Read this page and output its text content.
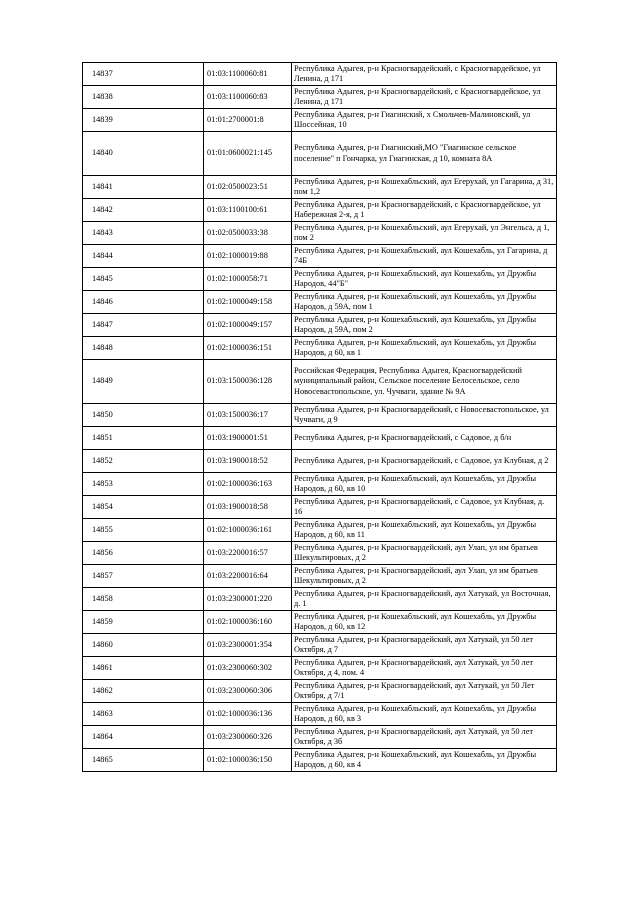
14837	01:03:1100060:81	Республика Адыгея, р-н Красногвардейский, с Красногвардейское, ул Ленина, д 171
14838	01:03:1100060:83	Республика Адыгея, р-н Красногвардейский, с Красногвардейское, ул Ленина, д 171
14839	01:01:2700001:8	Республика Адыгея, р-н Гиагинский, х Смольчев-Малиновский, ул Шоссейная, 10
14840	01:01:0600021:145	Республика Адыгея, р-н Гиагинский,МО "Гиагинское сельское поселение" п Гончарка, ул Гиагинская, д 10, комната 8А
14841	01:02:0500023:51	Республика Адыгея, р-н Кошехабльский, аул Егерухай, ул Гагарина, д 31, пом 1,2
14842	01:03:1100100:61	Республика Адыгея, р-н Красногвардейский, с Красногвардейское, ул Набережная 2-я, д 1
14843	01:02:0500033:38	Республика Адыгея, р-н Кошехабльский, аул Егерухай, ул Энгельса, д 1, пом 2
14844	01:02:1000019:88	Республика Адыгея, р-н Кошехабльский, аул Кошехабль, ул Гагарина, д 74Б
14845	01:02:1000058:71	Республика Адыгея, р-н Кошехабльский, аул Кошехабль, ул Дружбы Народов, 44"Б"
14846	01:02:1000049:158	Республика Адыгея, р-н Кошехабльский, аул Кошехабль, ул Дружбы Народов, д 59А, пом 1
14847	01:02:1000049:157	Республика Адыгея, р-н Кошехабльский, аул Кошехабль, ул Дружбы Народов, д 59А, пом 2
14848	01:02:1000036:151	Республика Адыгея, р-н Кошехабльский, аул Кошехабль, ул Дружбы Народов, д 60, кв 1
14849	01:03:1500036:128	Российская Федерация, Республика Адыгея, Красногвардейский муниципальный район, Сельское поселение Белосельское, село Новосевастопольское, ул. Чучваги, здание № 9А
14850	01:03:1500036:17	Республика Адыгея, р-н Красногвардейский, с Новосевастопольское, ул Чучваги, д 9
14851	01:03:1900001:51	Республика Адыгея, р-н Красногвардейский, с Садовое, д б/н
14852	01:03:1900018:52	Республика Адыгея, р-н Красногвардейский, с Садовое, ул Клубная, д 2
14853	01:02:1000036:163	Республика Адыгея, р-н Кошехабльский, аул Кошехабль, ул Дружбы Народов, д 60, кв 10
14854	01:03:1900018:58	Республика Адыгея, р-н Красногвардейский, с Садовое, ул Клубная, д. 16
14855	01:02:1000036:161	Республика Адыгея, р-н Кошехабльский, аул Кошехабль, ул Дружбы Народов, д 60, кв 11
14856	01:03:2200016:57	Республика Адыгея, р-н Красногвардейский, аул Улап, ул им братьев Шекультировых, д 2
14857	01:03:2200016:64	Республика Адыгея, р-н Красногвардейский, аул Улап, ул им братьев Шекультировых, д 2
14858	01:03:2300001:220	Республика Адыгея, р-н Красногвардейский, аул Хатукай, ул Восточная, д. 1
14859	01:02:1000036:160	Республика Адыгея, р-н Кошехабльский, аул Кошехабль, ул Дружбы Народов, д 60, кв 12
14860	01:03:2300001:354	Республика Адыгея, р-н Красногвардейский, аул Хатукай, ул 50 лет Октября, д 7
14861	01:03:2300060:302	Республика Адыгея, р-н Красногвардейский, аул Хатукай, ул 50 лет Октября, д 4, пом. 4
14862	01:03:2300060:306	Республика Адыгея, р-н Красногвардейский, аул Хатукай, ул 50 Лет Октября, д 7/1
14863	01:02:1000036:136	Республика Адыгея, р-н Кошехабльский, аул Кошехабль, ул Дружбы Народов, д 60, кв 3
14864	01:03:2300060:326	Республика Адыгея, р-н Красногвардейский, аул Хатукай, ул 50 лет Октября, д 3б
14865	01:02:1000036:150	Республика Адыгея, р-н Кошехабльский, аул Кошехабль, ул Дружбы Народов, д 60, кв 4
